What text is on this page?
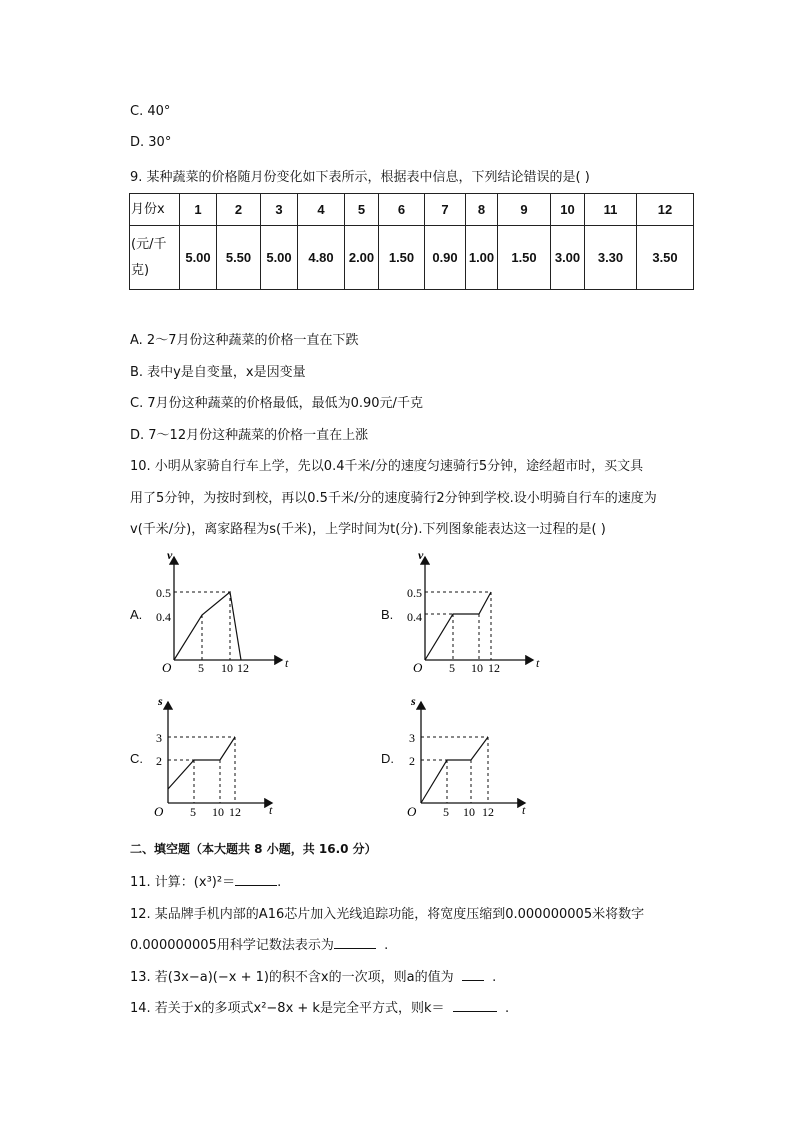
C. 40°
D. 30°
9. 某种蔬菜的价格随月份变化如下表所示，根据表中信息，下列结论错误的是( )
月份x	1	2	3	4	5	6	7	8	9	10	11	12
(元/千克)	5.00	5.50	5.00	4.80	2.00	1.50	0.90	1.00	1.50	3.00	3.30	3.50
A. 2～7月份这种蔬菜的价格一直在下跌
B. 表中y是自变量，x是因变量
C. 7月份这种蔬菜的价格最低，最低为0.90元/千克
D. 7～12月份这种蔬菜的价格一直在上涨
10. 小明从家骑自行车上学，先以0.4千米/分的速度匀速骑行5分钟，途经超市时，买文具
用了5分钟，为按时到校，再以0.5千米/分的速度骑行2分钟到学校.设小明骑自行车的速度为
v(千米/分)，离家路程为s(千米)，上学时间为t(分).下列图象能表达这一过程的是( )
A.
v
t
O
0.5
0.4
5 10 12
B.
v
t
O
0.5
0.4
5 10 12
C.
s
t
O
3
2
5 10 12
D.
s
t
O
3
2
5 10 12
二、填空题（本大题共 8 小题，共 16.0 分）
11. 计算：(x³)²＝	.
12. 某品牌手机内部的A16芯片加入光线追踪功能，将宽度压缩到0.000000005米将数字
0.000000005用科学记数法表示为	.
13. 若(3x−a)(−x + 1)的积不含x的一次项，则a的值为	.
14. 若关于x的多项式x²−8x + k是完全平方式，则k＝	.
